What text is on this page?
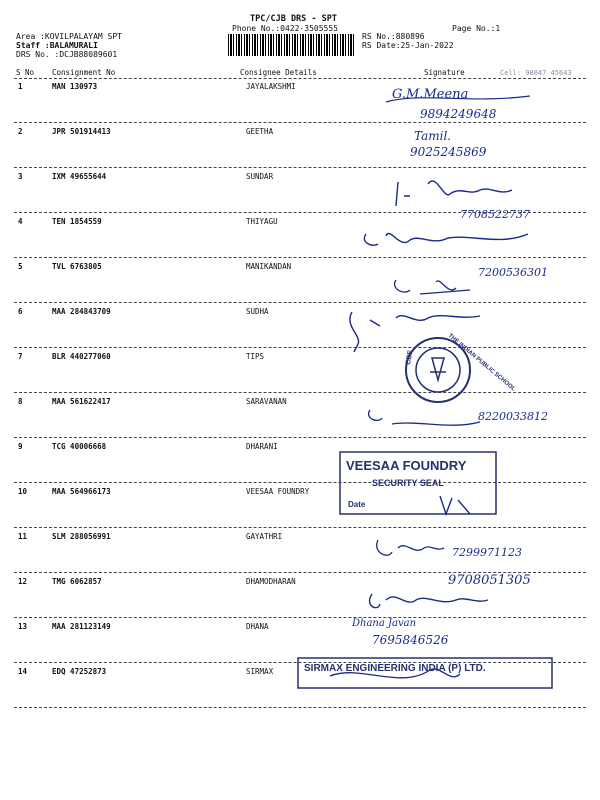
TPC/CJB DRS - SPT
Phone No.:0422-3505555	Page No.:1
Area :KOVILPALAYAM SPT
Staff :BALAMURALI
DRS No. :DCJB88089601
RS No.:880896
RS Date:25-Jan-2022
S No Consignment No	Consignee Details	Signature
1	MAN 130973	JAYALAKSHMI
2	JPR 501914413	GEETHA
3	IXM 49655644	SUNDAR
4	TEN 1854559	THIYAGU
5	TVL 6763805	MANIKANDAN
6	MAA 284843709	SUDHA
7	BLR 440277060	TIPS
8	MAA 561622417	SARAVANAN
9	TCG 40006668	DHARANI
10	MAA 564966173	VEESAA FOUNDRY
11	SLM 288056991	GAYATHRI
12	TMG 6062857	DHAMODHARAN
13	MAA 281123149	DHANA
14	EDQ 47252873	SIRMAX
Cell: 98047 45643
G.M.Meena
9894249648
Tamil.
9025245869
7708522737
7200536301
THE INDIAN PUBLIC SCHOOL
CBE
8220033812
VEESAA FOUNDRY
SECURITY SEAL
Date
7299971123
9708051305
Dhana Javan
7695846526
SIRMAX ENGINEERING INDIA (P) LTD.
